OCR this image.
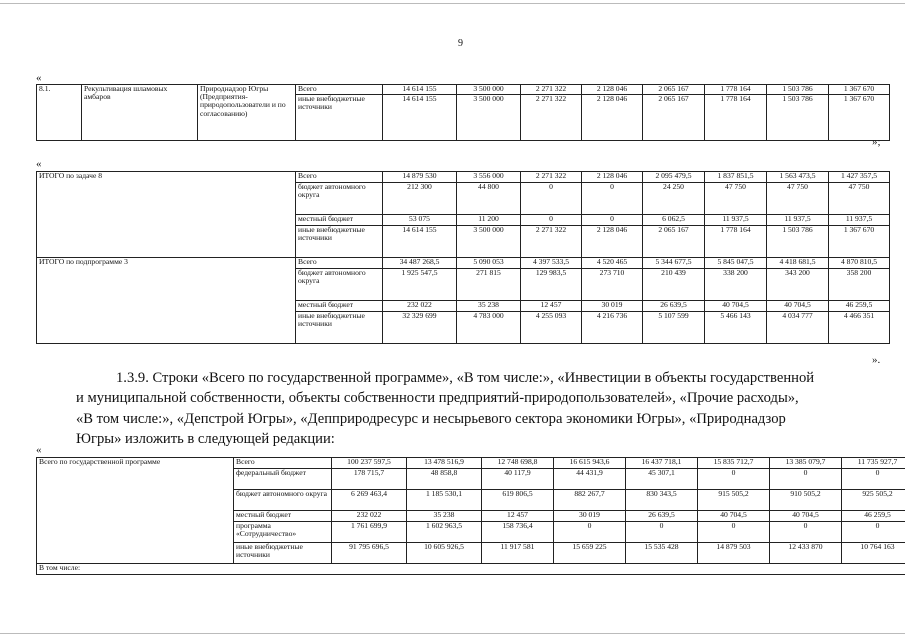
9
«
8.1.	Рекультивация шламовых амбаров	Природнадзор Югры (Предприятия-природопользователи и по согласованию)	Всего	14 614 155	3 500 000	2 271 322	2 128 046	2 065 167	1 778 164	1 503 786	1 367 670
			иные внебюджетные источники	14 614 155	3 500 000	2 271 322	2 128 046	2 065 167	1 778 164	1 503 786	1 367 670
»;
«
ИТОГО по задаче 8	Всего	14 879 530	3 556 000	2 271 322	2 128 046	2 095 479,5	1 837 851,5	1 563 473,5	1 427 357,5
	бюджет автономного округа	212 300	44 800	0	0	24 250	47 750	47 750	47 750
	местный бюджет	53 075	11 200	0	0	6 062,5	11 937,5	11 937,5	11 937,5
	иные внебюджетные источники	14 614 155	3 500 000	2 271 322	2 128 046	2 065 167	1 778 164	1 503 786	1 367 670
ИТОГО по подпрограмме 3	Всего	34 487 268,5	5 090 053	4 397 533,5	4 520 465	5 344 677,5	5 845 047,5	4 418 681,5	4 870 810,5
	бюджет автономного округа	1 925 547,5	271 815	129 983,5	273 710	210 439	338 200	343 200	358 200
	местный бюджет	232 022	35 238	12 457	30 019	26 639,5	40 704,5	40 704,5	46 259,5
	иные внебюджетные источники	32 329 699	4 783 000	4 255 093	4 216 736	5 107 599	5 466 143	4 034 777	4 466 351
».
1.3.9. Строки «Всего по государственной программе», «В том числе:», «Инвестиции в объекты государственной
и муниципальной собственности, объекты собственности предприятий-природопользователей», «Прочие расходы»,
«В том числе:», «Депстрой Югры», «Депприродресурс и несырьевого сектора экономики Югры», «Природнадзор
Югры» изложить в следующей редакции:
«
Всего по государственной программе	Всего	100 237 597,5	13 478 516,9	12 748 698,8	16 615 943,6	16 437 718,1	15 835 712,7	13 385 079,7	11 735 927,7
	федеральный бюджет	178 715,7	48 858,8	40 117,9	44 431,9	45 307,1	0	0	0
	бюджет автономного округа	6 269 463,4	1 185 530,1	619 806,5	882 267,7	830 343,5	915 505,2	910 505,2	925 505,2
	местный бюджет	232 022	35 238	12 457	30 019	26 639,5	40 704,5	40 704,5	46 259,5
	программа «Сотрудничество»	1 761 699,9	1 602 963,5	158 736,4	0	0	0	0	0
	иные внебюджетные источники	91 795 696,5	10 605 926,5	11 917 581	15 659 225	15 535 428	14 879 503	12 433 870	10 764 163
В том числе:									
